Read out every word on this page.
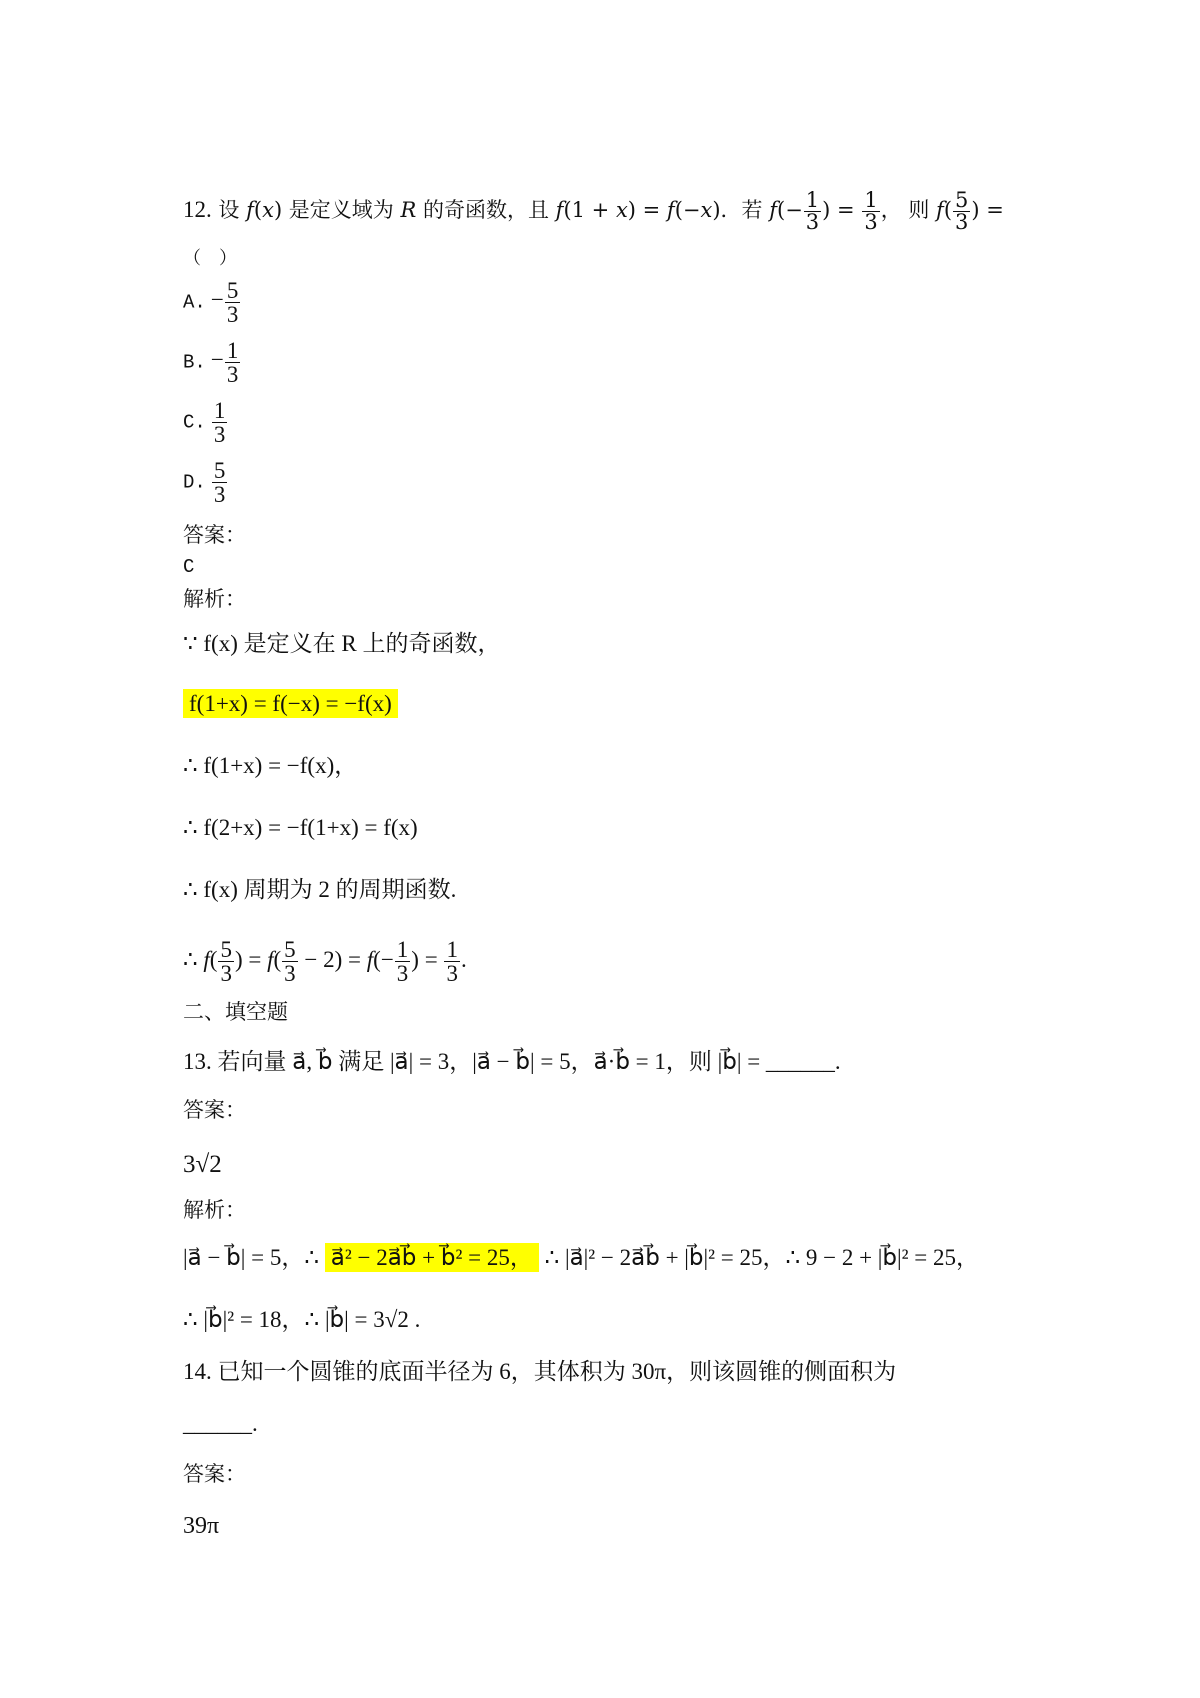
12. 设 f(x) 是定义域为 R 的奇函数，且 f(1 + x) = f(−x)．若 $f(- \frac{1}{3}$ ) = $\frac{1}{3}$ ， 则 $f( \frac{5}{3}$ ) =
（　）
A. − $\frac{5}{3}$
B. − $\frac{1}{3}$
C. $\frac{1}{3}$
D. $\frac{5}{3}$
答案：
C
解析：
∵ f(x) 是定义在 R 上的奇函数，
f(1+x) = f(−x) = −f(x)
∴ f(1+x) = −f(x)，
∴ f(2+x) = −f(1+x) = f(x)
∴ f(x) 周期为 2 的周期函数.
∴ $f( \frac{5}{3}$ ) = $f( \frac{5}{3} - 2) = f(- \frac{1}{3}$ ) = $\frac{1}{3}$ .
二、填空题
13. 若向量 a⃗, b⃗ 满足 |a⃗| = 3，|a⃗ − b⃗| = 5，a⃗·b⃗ = 1，则 |b⃗| = ______.
答案：
3√2
解析：
|a⃗ − b⃗| = 5，∴ a⃗² − 2a⃗b⃗ + b⃗² = 25， ∴ |a⃗|² − 2a⃗b⃗ + |b⃗|² = 25，∴ 9 − 2 + |b⃗|² = 25，
∴ |b⃗|² = 18，∴ |b⃗| = 3√2 .
14. 已知一个圆锥的底面半径为 6，其体积为 30π，则该圆锥的侧面积为
______.
答案：
39π
